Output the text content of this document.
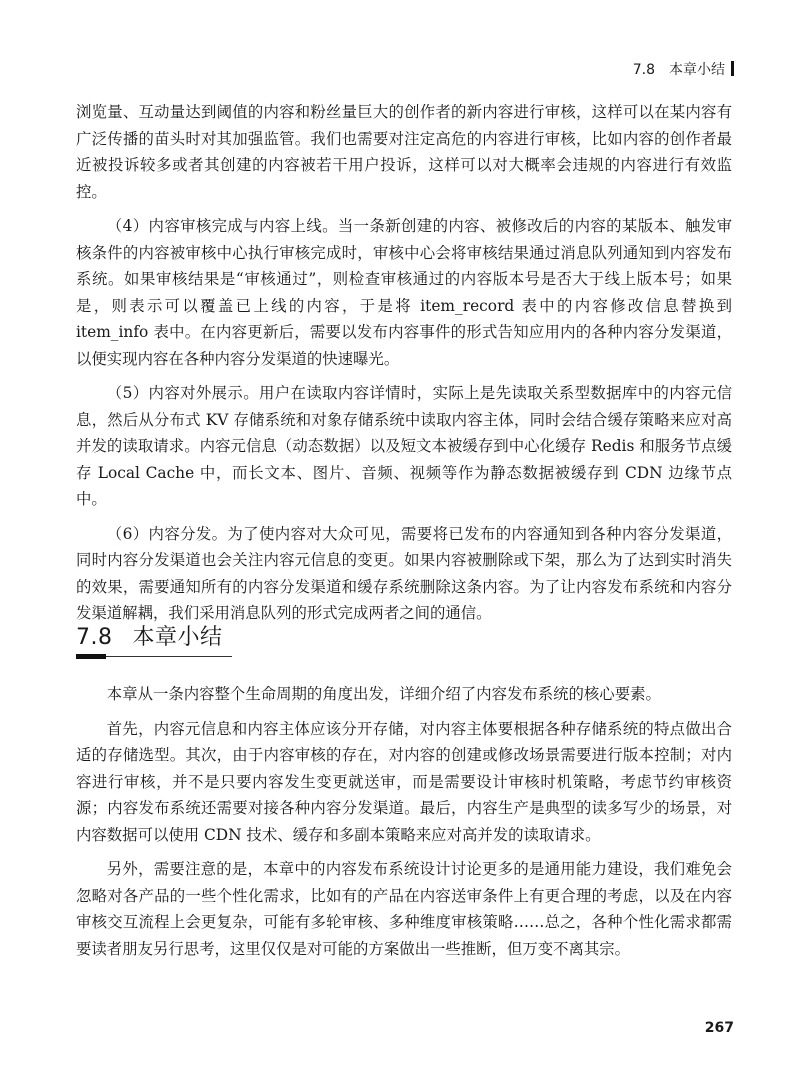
7.8 本章小结

浏览量、互动量达到阈值的内容和粉丝量巨大的创作者的新内容进行审核，这样可以在某内容有广泛传播的苗头时对其加强监管。我们也需要对注定高危的内容进行审核，比如内容的创作者最近被投诉较多或者其创建的内容被若干用户投诉，这样可以对大概率会违规的内容进行有效监控。

（4）内容审核完成与内容上线。当一条新创建的内容、被修改后的内容的某版本、触发审核条件的内容被审核中心执行审核完成时，审核中心会将审核结果通过消息队列通知到内容发布系统。如果审核结果是“审核通过”，则检查审核通过的内容版本号是否大于线上版本号；如果是，则表示可以覆盖已上线的内容，于是将 item_record 表中的内容修改信息替换到 item_info 表中。在内容更新后，需要以发布内容事件的形式告知应用内的各种内容分发渠道，以便实现内容在各种内容分发渠道的快速曝光。

（5）内容对外展示。用户在读取内容详情时，实际上是先读取关系型数据库中的内容元信息，然后从分布式 KV 存储系统和对象存储系统中读取内容主体，同时会结合缓存策略来应对高并发的读取请求。内容元信息（动态数据）以及短文本被缓存到中心化缓存 Redis 和服务节点缓存 Local Cache 中，而长文本、图片、音频、视频等作为静态数据被缓存到 CDN 边缘节点中。

（6）内容分发。为了使内容对大众可见，需要将已发布的内容通知到各种内容分发渠道，同时内容分发渠道也会关注内容元信息的变更。如果内容被删除或下架，那么为了达到实时消失的效果，需要通知所有的内容分发渠道和缓存系统删除这条内容。为了让内容发布系统和内容分发渠道解耦，我们采用消息队列的形式完成两者之间的通信。

7.8 本章小结

本章从一条内容整个生命周期的角度出发，详细介绍了内容发布系统的核心要素。

首先，内容元信息和内容主体应该分开存储，对内容主体要根据各种存储系统的特点做出合适的存储选型。其次，由于内容审核的存在，对内容的创建或修改场景需要进行版本控制；对内容进行审核，并不是只要内容发生变更就送审，而是需要设计审核时机策略，考虑节约审核资源；内容发布系统还需要对接各种内容分发渠道。最后，内容生产是典型的读多写少的场景，对内容数据可以使用 CDN 技术、缓存和多副本策略来应对高并发的读取请求。

另外，需要注意的是，本章中的内容发布系统设计讨论更多的是通用能力建设，我们难免会忽略对各产品的一些个性化需求，比如有的产品在内容送审条件上有更合理的考虑，以及在内容审核交互流程上会更复杂，可能有多轮审核、多种维度审核策略……总之，各种个性化需求都需要读者朋友另行思考，这里仅仅是对可能的方案做出一些推断，但万变不离其宗。

267
